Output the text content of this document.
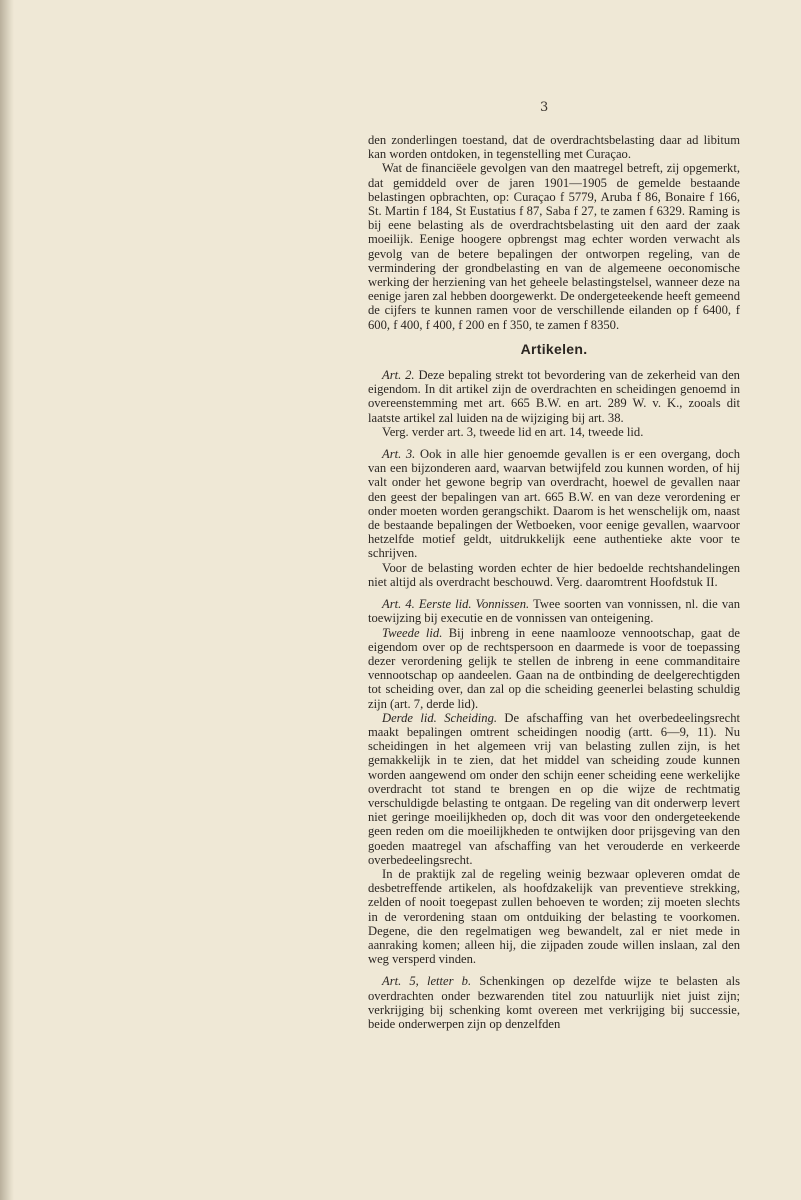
3

den zonderlingen toestand, dat de overdrachtsbelasting daar ad libitum kan worden ontdoken, in tegenstelling met Curaçao.

Wat de financiëele gevolgen van den maatregel betreft, zij opgemerkt, dat gemiddeld over de jaren 1901—1905 de gemelde bestaande belastingen opbrachten, op: Curaçao f 5779, Aruba f 86, Bonaire f 166, St. Martin f 184, St Eustatius f 87, Saba f 27, te zamen f 6329. Raming is bij eene belasting als de overdrachtsbelasting uit den aard der zaak moeilijk. Eenige hoogere opbrengst mag echter worden verwacht als gevolg van de betere bepalingen der ontworpen regeling, van de vermindering der grondbelasting en van de algemeene oeconomische werking der herziening van het geheele belastingstelsel, wanneer deze na eenige jaren zal hebben doorgewerkt. De ondergeteekende heeft gemeend de cijfers te kunnen ramen voor de verschillende eilanden op f 6400, f 600, f 400, f 400, f 200 en f 350, te zamen f 8350.

Artikelen.

Art. 2. Deze bepaling strekt tot bevordering van de zekerheid van den eigendom. In dit artikel zijn de overdrachten en scheidingen genoemd in overeenstemming met art. 665 B.W. en art. 289 W. v. K., zooals dit laatste artikel zal luiden na de wijziging bij art. 38.

Verg. verder art. 3, tweede lid en art. 14, tweede lid.

Art. 3. Ook in alle hier genoemde gevallen is er een overgang, doch van een bijzonderen aard, waarvan betwijfeld zou kunnen worden, of hij valt onder het gewone begrip van overdracht, hoewel de gevallen naar den geest der bepalingen van art. 665 B.W. en van deze verordening er onder moeten worden gerangschikt. Daarom is het wenschelijk om, naast de bestaande bepalingen der Wetboeken, voor eenige gevallen, waarvoor hetzelfde motief geldt, uitdrukkelijk eene authentieke akte voor te schrijven.

Voor de belasting worden echter de hier bedoelde rechtshandelingen niet altijd als overdracht beschouwd. Verg. daaromtrent Hoofdstuk II.

Art. 4. Eerste lid. Vonnissen. Twee soorten van vonnissen, nl. die van toewijzing bij executie en de vonnissen van onteigening.

Tweede lid. Bij inbreng in eene naamlooze vennootschap, gaat de eigendom over op de rechtspersoon en daarmede is voor de toepassing dezer verordening gelijk te stellen de inbreng in eene commanditaire vennootschap op aandeelen. Gaan na de ontbinding de deelgerechtigden tot scheiding over, dan zal op die scheiding geenerlei belasting schuldig zijn (art. 7, derde lid).

Derde lid. Scheiding. De afschaffing van het overbedeelingsrecht maakt bepalingen omtrent scheidingen noodig (artt. 6—9, 11). Nu scheidingen in het algemeen vrij van belasting zullen zijn, is het gemakkelijk in te zien, dat het middel van scheiding zoude kunnen worden aangewend om onder den schijn eener scheiding eene werkelijke overdracht tot stand te brengen en op die wijze de rechtmatig verschuldigde belasting te ontgaan. De regeling van dit onderwerp levert niet geringe moeilijkheden op, doch dit was voor den ondergeteekende geen reden om die moeilijkheden te ontwijken door prijsgeving van den goeden maatregel van afschaffing van het verouderde en verkeerde overbedeelingsrecht.

In de praktijk zal de regeling weinig bezwaar opleveren omdat de desbetreffende artikelen, als hoofdzakelijk van preventieve strekking, zelden of nooit toegepast zullen behoeven te worden; zij moeten slechts in de verordening staan om ontduiking der belasting te voorkomen. Degene, die den regelmatigen weg bewandelt, zal er niet mede in aanraking komen; alleen hij, die zijpaden zoude willen inslaan, zal den weg versperd vinden.

Art. 5, letter b. Schenkingen op dezelfde wijze te belasten als overdrachten onder bezwarenden titel zou natuurlijk niet juist zijn; verkrijging bij schenking komt overeen met verkrijging bij successie, beide onderwerpen zijn op denzelfden
